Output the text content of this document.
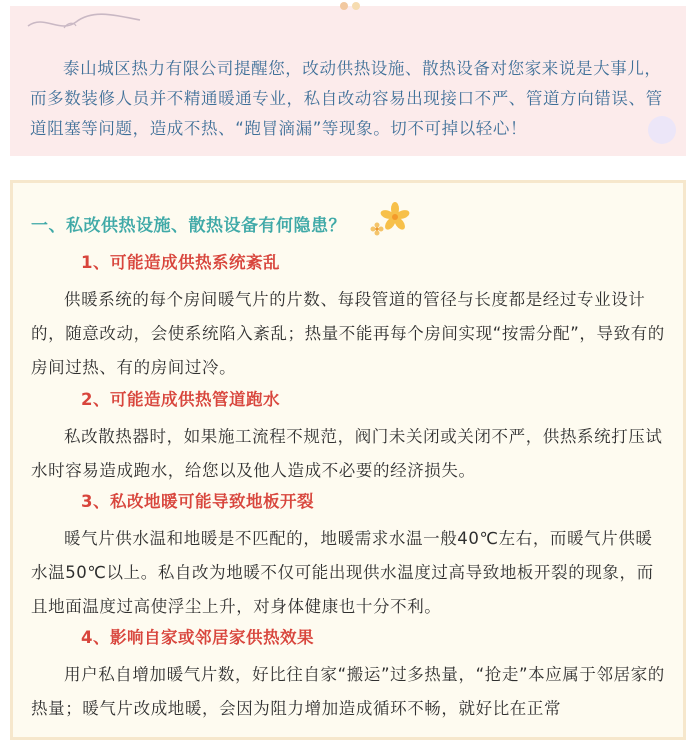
泰山城区热力有限公司提醒您，改动供热设施、散热设备对您家来说是大事儿，而多数装修人员并不精通暖通专业，私自改动容易出现接口不严、管道方向错误、管道阻塞等问题，造成不热、“跑冒滴漏”等现象。切不可掉以轻心！

一、私改供热设施、散热设备有何隐患？
1、可能造成供热系统紊乱

供暖系统的每个房间暖气片的片数、每段管道的管径与长度都是经过专业设计的，随意改动，会使系统陷入紊乱；热量不能再每个房间实现“按需分配”，导致有的房间过热、有的房间过冷。

2、可能造成供热管道跑水

私改散热器时，如果施工流程不规范，阀门未关闭或关闭不严，供热系统打压试水时容易造成跑水，给您以及他人造成不必要的经济损失。

3、私改地暖可能导致地板开裂

暖气片供水温和地暖是不匹配的，地暖需求水温一般40℃左右，而暖气片供暖水温50℃以上。私自改为地暖不仅可能出现供水温度过高导致地板开裂的现象，而且地面温度过高使浮尘上升，对身体健康也十分不利。

4、影响自家或邻居家供热效果

用户私自增加暖气片数，好比往自家“搬运”过多热量，“抢走”本应属于邻居家的热量；暖气片改成地暖，会因为阻力增加造成循环不畅，就好比在正常
